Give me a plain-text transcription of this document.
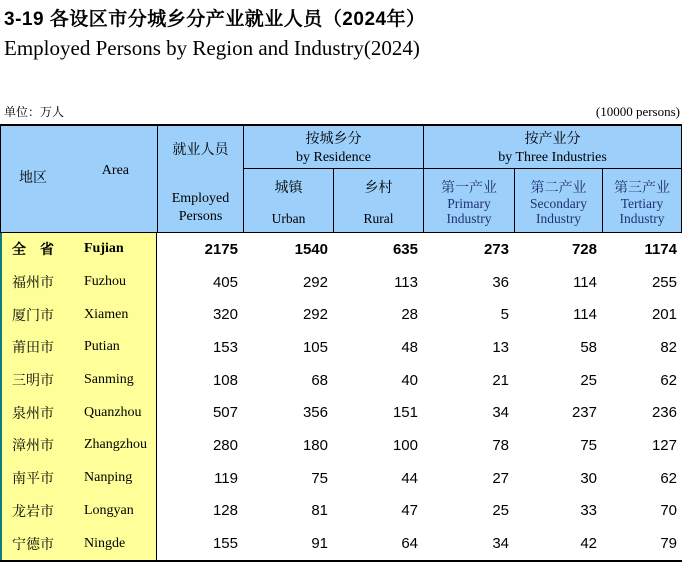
3-19 各设区市分城乡分产业就业人员（2024年）
Employed Persons by Region and Industry(2024)
单位：万人	(10000 persons)
地区	Area
就业人员
Employed Persons
按城乡分
by Residence
按产业分
by Three Industries
城镇
Urban
乡村
Rural
第一产业
Primary Industry
第二产业
Secondary Industry
第三产业
Tertiary Industry
全　省	Fujian	2175	1540	635	273	728	1174
福州市	Fuzhou	405	292	113	36	114	255
厦门市	Xiamen	320	292	28	5	114	201
莆田市	Putian	153	105	48	13	58	82
三明市	Sanming	108	68	40	21	25	62
泉州市	Quanzhou	507	356	151	34	237	236
漳州市	Zhangzhou	280	180	100	78	75	127
南平市	Nanping	119	75	44	27	30	62
龙岩市	Longyan	128	81	47	25	33	70
宁德市	Ningde	155	91	64	34	42	79
